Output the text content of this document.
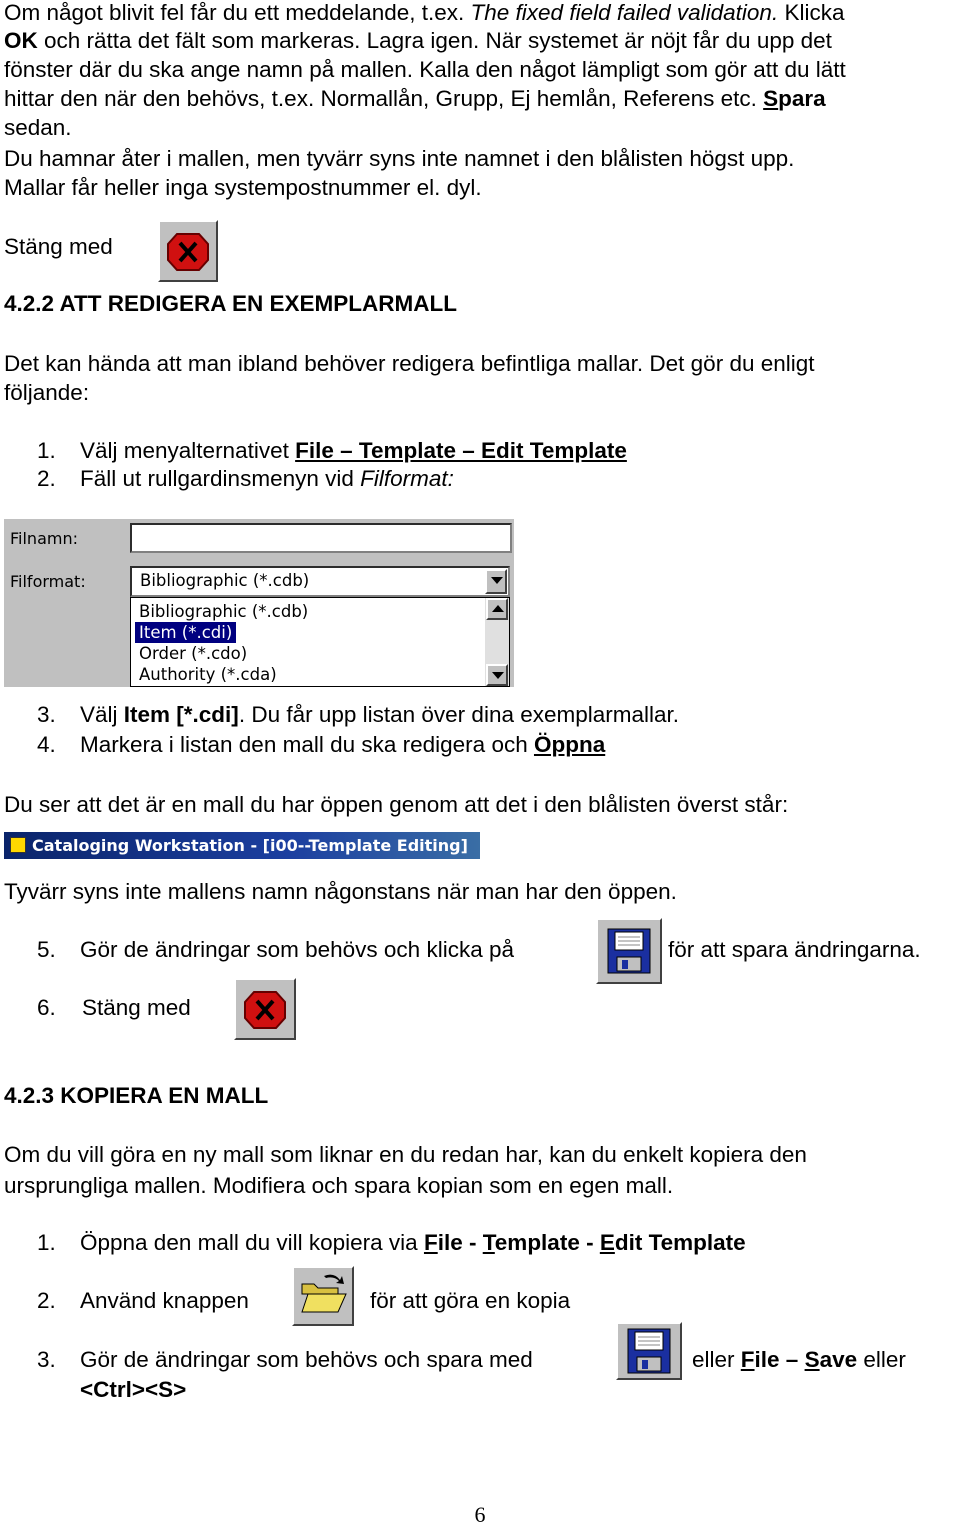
Om något blivit fel får du ett meddelande, t.ex. The fixed field failed validation. Klicka
OK och rätta det fält som markeras. Lagra igen. När systemet är nöjt får du upp det
fönster där du ska ange namn på mallen. Kalla den något lämpligt som gör att du lätt
hittar den när den behövs, t.ex. Normallån, Grupp, Ej hemlån, Referens etc. Spara
sedan.
Du hamnar åter i mallen, men tyvärr syns inte namnet i den blålisten högst upp.
Mallar får heller inga systempostnummer el. dyl.
Stäng med
4.2.2 ATT REDIGERA EN EXEMPLARMALL
Det kan hända att man ibland behöver redigera befintliga mallar. Det gör du enligt
följande:
1. Välj menyalternativet File – Template – Edit Template
2. Fäll ut rullgardinsmenyn vid Filformat:
Filnamn:
Filformat:	Bibliographic (*.cdb)
Bibliographic (*.cdb)
Item (*.cdi)
Order (*.cdo)
Authority (*.cda)
3. Välj Item [*.cdi]. Du får upp listan över dina exemplarmallar.
4. Markera i listan den mall du ska redigera och Öppna
Du ser att det är en mall du har öppen genom att det i den blålisten överst står:
Cataloging Workstation - [i00--Template Editing]
Tyvärr syns inte mallens namn någonstans när man har den öppen.
5. Gör de ändringar som behövs och klicka på	för att spara ändringarna.
6. Stäng med
4.2.3 KOPIERA EN MALL
Om du vill göra en ny mall som liknar en du redan har, kan du enkelt kopiera den
ursprungliga mallen. Modifiera och spara kopian som en egen mall.
1. Öppna den mall du vill kopiera via File - Template - Edit Template
2. Använd knappen	för att göra en kopia
3. Gör de ändringar som behövs och spara med	eller File – Save eller
<Ctrl><S>
6
